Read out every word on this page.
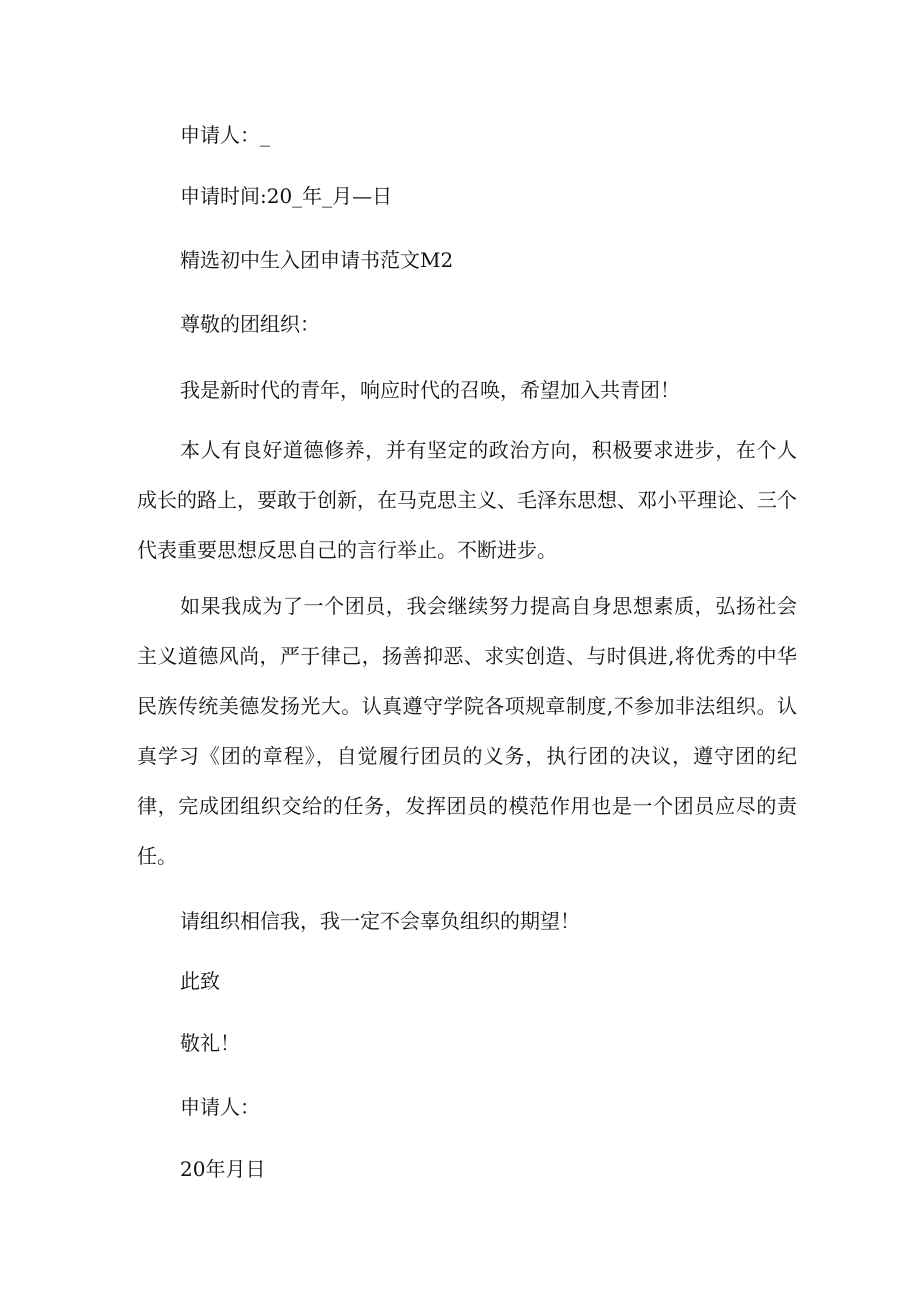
申请人：_
申请时间:20_年_月—日
精选初中生入团申请书范文M2
尊敬的团组织：
我是新时代的青年，响应时代的召唤，希望加入共青团！
本人有良好道德修养，并有坚定的政治方向，积极要求进步，在个人成长的路上，要敢于创新，在马克思主义、毛泽东思想、邓小平理论、三个代表重要思想反思自己的言行举止。不断进步。
如果我成为了一个团员，我会继续努力提高自身思想素质，弘扬社会主义道德风尚，严于律己，扬善抑恶、求实创造、与时俱进,将优秀的中华民族传统美德发扬光大。认真遵守学院各项规章制度,不参加非法组织。认真学习《团的章程》，自觉履行团员的义务，执行团的决议，遵守团的纪律，完成团组织交给的任务，发挥团员的模范作用也是一个团员应尽的责任。
请组织相信我，我一定不会辜负组织的期望！
此致
敬礼！
申请人：
20年月日
